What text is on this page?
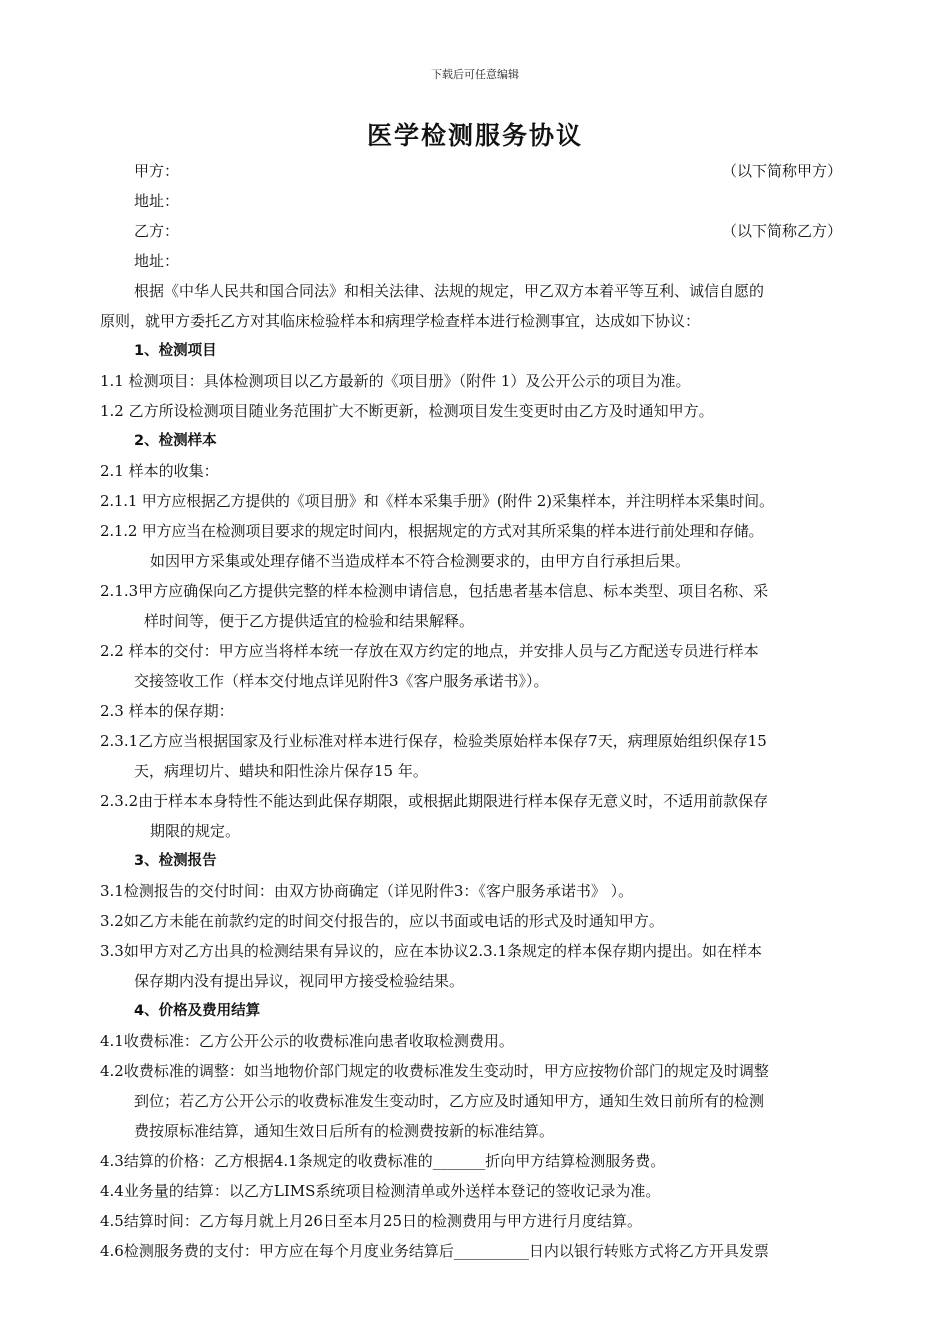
下载后可任意编辑
医学检测服务协议
甲方：	（以下简称甲方）
地址：
乙方：	（以下简称乙方）
地址：
根据《中华人民共和国合同法》和相关法律、法规的规定，甲乙双方本着平等互利、诚信自愿的
原则，就甲方委托乙方对其临床检验样本和病理学检查样本进行检测事宜，达成如下协议：
1、检测项目
1.1 检测项目：具体检测项目以乙方最新的《项目册》（附件 1）及公开公示的项目为准。
1.2 乙方所设检测项目随业务范围扩大不断更新，检测项目发生变更时由乙方及时通知甲方。
2、检测样本
2.1 样本的收集：
2.1.1 甲方应根据乙方提供的《项目册》和《样本采集手册》(附件 2)采集样本，并注明样本采集时间。
2.1.2 甲方应当在检测项目要求的规定时间内，根据规定的方式对其所采集的样本进行前处理和存储。
如因甲方采集或处理存储不当造成样本不符合检测要求的，由甲方自行承担后果。
2.1.3甲方应确保向乙方提供完整的样本检测申请信息，包括患者基本信息、标本类型、项目名称、采
样时间等，便于乙方提供适宜的检验和结果解释。
2.2 样本的交付：甲方应当将样本统一存放在双方约定的地点，并安排人员与乙方配送专员进行样本
交接签收工作（样本交付地点详见附件3《客户服务承诺书》）。
2.3 样本的保存期：
2.3.1乙方应当根据国家及行业标准对样本进行保存，检验类原始样本保存7天，病理原始组织保存15
天，病理切片、蜡块和阳性涂片保存15 年。
2.3.2由于样本本身特性不能达到此保存期限，或根据此期限进行样本保存无意义时，不适用前款保存
期限的规定。
3、检测报告
3.1检测报告的交付时间：由双方协商确定（详见附件3：《客户服务承诺书》 ）。
3.2如乙方未能在前款约定的时间交付报告的，应以书面或电话的形式及时通知甲方。
3.3如甲方对乙方出具的检测结果有异议的，应在本协议2.3.1条规定的样本保存期内提出。如在样本
保存期内没有提出异议，视同甲方接受检验结果。
4、价格及费用结算
4.1收费标准：乙方公开公示的收费标准向患者收取检测费用。
4.2收费标准的调整：如当地物价部门规定的收费标准发生变动时，甲方应按物价部门的规定及时调整
到位；若乙方公开公示的收费标准发生变动时，乙方应及时通知甲方，通知生效日前所有的检测
费按原标准结算，通知生效日后所有的检测费按新的标准结算。
4.3结算的价格：乙方根据4.1条规定的收费标准的_______折向甲方结算检测服务费。
4.4业务量的结算：以乙方LIMS系统项目检测清单或外送样本登记的签收记录为准。
4.5结算时间：乙方每月就上月26日至本月25日的检测费用与甲方进行月度结算。
4.6检测服务费的支付：甲方应在每个月度业务结算后__________日内以银行转账方式将乙方开具发票
